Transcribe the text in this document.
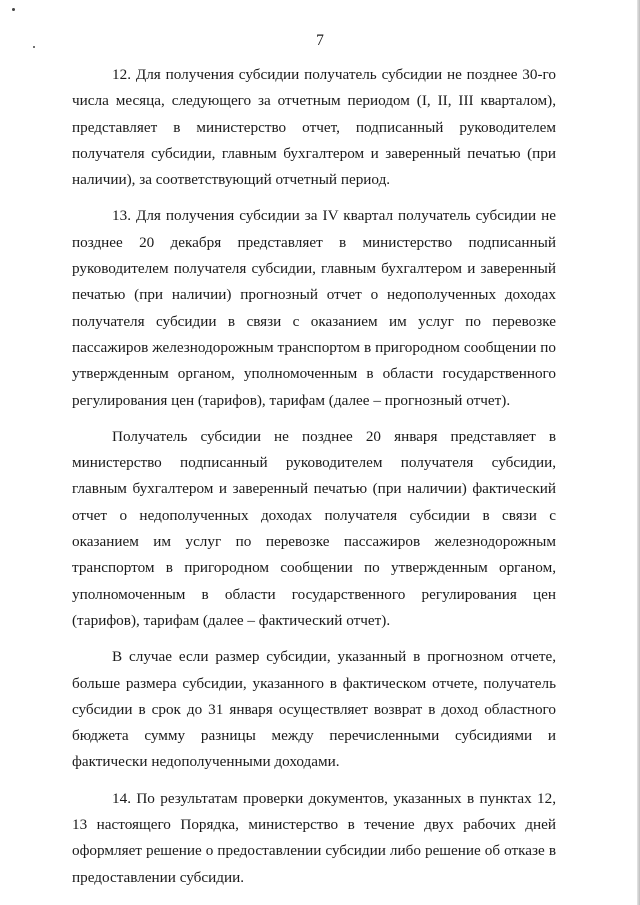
7

12. Для получения субсидии получатель субсидии не позднее 30-го числа месяца, следующего за отчетным периодом (I, II, III кварталом), представляет в министерство отчет, подписанный руководителем получателя субсидии, главным бухгалтером и заверенный печатью (при наличии), за соответствующий отчетный период.

13. Для получения субсидии за IV квартал получатель субсидии не позднее 20 декабря представляет в министерство подписанный руководителем получателя субсидии, главным бухгалтером и заверенный печатью (при наличии) прогнозный отчет о недополученных доходах получателя субсидии в связи с оказанием им услуг по перевозке пассажиров железнодорожным транспортом в пригородном сообщении по утвержденным органом, уполномоченным в области государственного регулирования цен (тарифов), тарифам (далее – прогнозный отчет).

Получатель субсидии не позднее 20 января представляет в министерство подписанный руководителем получателя субсидии, главным бухгалтером и заверенный печатью (при наличии) фактический отчет о недополученных доходах получателя субсидии в связи с оказанием им услуг по перевозке пассажиров железнодорожным транспортом в пригородном сообщении по утвержденным органом, уполномоченным в области государственного регулирования цен (тарифов), тарифам (далее – фактический отчет).

В случае если размер субсидии, указанный в прогнозном отчете, больше размера субсидии, указанного в фактическом отчете, получатель субсидии в срок до 31 января осуществляет возврат в доход областного бюджета сумму разницы между перечисленными субсидиями и фактически недополученными доходами.

14. По результатам проверки документов, указанных в пунктах 12, 13 настоящего Порядка, министерство в течение двух рабочих дней оформляет решение о предоставлении субсидии либо решение об отказе в предоставлении субсидии.
